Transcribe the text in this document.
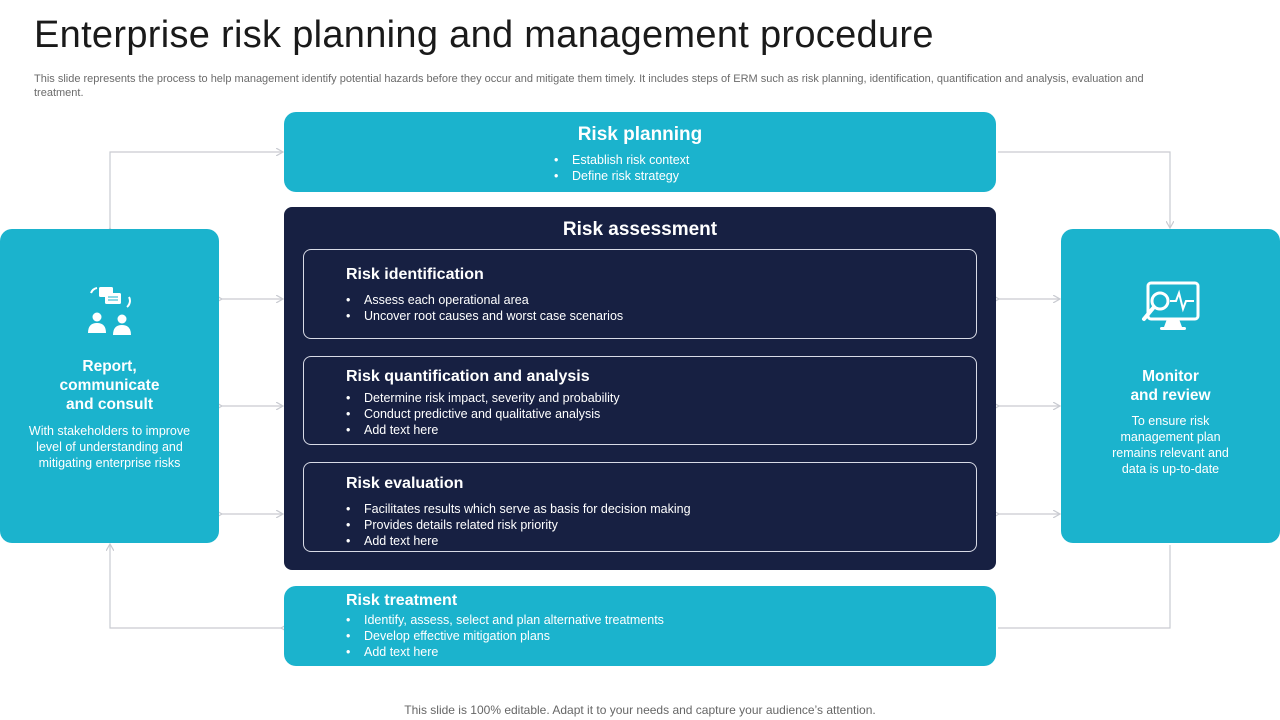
Enterprise risk planning and management procedure
This slide represents the process to help management identify potential hazards before they occur and mitigate them timely. It includes steps of ERM such as risk planning, identification, quantification and analysis, evaluation and treatment.
Risk planning
• Establish risk context
• Define risk strategy
Risk assessment
Risk identification
• Assess each operational area
• Uncover root causes and worst case scenarios
Risk quantification and analysis
• Determine risk impact, severity and probability
• Conduct predictive and qualitative analysis
• Add text here
Risk evaluation
• Facilitates results which serve as basis for decision making
• Provides details related risk priority
• Add text here
Risk treatment
• Identify, assess, select and plan alternative treatments
• Develop effective mitigation plans
• Add text here
Report,
communicate
and consult
With stakeholders to improve level of understanding and mitigating enterprise risks
Monitor
and review
To ensure risk management plan remains relevant and data is up-to-date
This slide is 100% editable. Adapt it to your needs and capture your audience’s attention.
